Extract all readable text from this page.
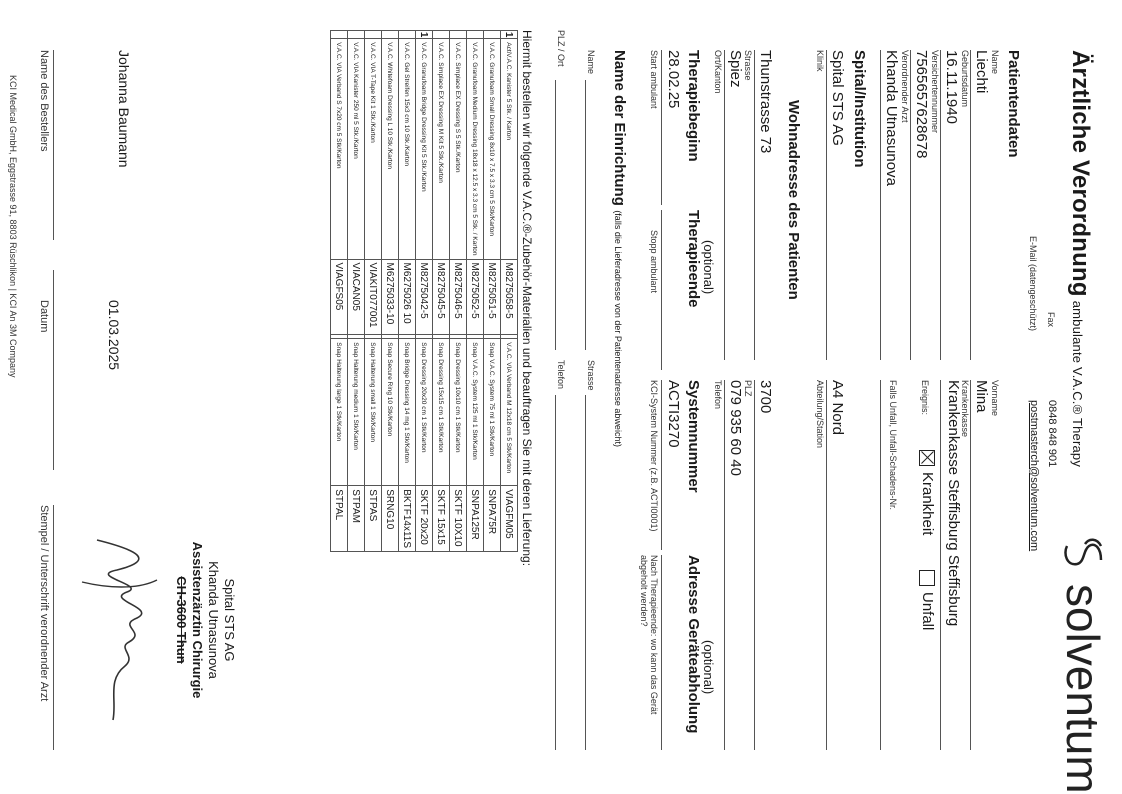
Ärztliche Verordnungambulante V.A.C.® Therapy
solventum
Fax
0848 848 901
E-Mail (datengeschützt)
postmasterch@solventum.com
Patientendaten
Name
Liechti
Vorname
Mina
Geburtsdatum
16.11.1940
Krankenkasse
Krankenkasse Steffisburg Steffisburg
Versichertennummer
7565657628678
Ereignis:
Krankheit
Unfall
Verordnender Arzt
Khanda Utnasunova
Falls Unfall, Unfall-Schadens-Nr.
Spital/Institution
Spital STS AG
Klinik
A4 Nord
Abteilung/Station
Wohnadresse des Patienten
Thunstrasse 73
Strasse
3700
PLZ
Spiez
Ort/Kanton
079 935 60 40
Telefon
Therapiebeginn
28.02.25
Start ambulant
(optional)
Therapieende
Stopp ambulant
Systemnummer
ACTI3270
KCI-System Nummer (z.B. ACTI0001)
(optional)
Adresse Geräteabholung
Nach Therapieende: wo kann das Gerät abgeholt werden?
Name der Einrichtung (falls die Lieferadresse von der Patientenadresse abweicht)
Name
Strasse
PLZ / Ort
Telefon
Hiermit bestellen wir folgende V.A.C.®-Zubehör-Materialien und beauftragen Sie mit deren Lieferung:
1	ActiV.A.C. Kanister 5 Stk. / Karton	M8275058-5		V.A.C. VIA Verband M 12x18 cm 5 Stk/Karton	VIAGFM05
	V.A.C. Granufoam Small Dressing 8x10 x 7.5 x 3.3 cm 5 Stk/Karton	M8275051-5		Snap V.A.C. System 75 ml 1 Stk/Karton	SNPA75R
	V.A.C. Granufoam Medium Dressing 18x18 x 12.5 x 3.3 cm 5 Stk. / Karton	M8275052-5		Snap V.A.C. System 125 ml 1 Stk/Karton	SNPA125R
	V.A.C. Simplace EX Dressing S 5 Stk./Karton	M8275046-5		Snap Dressing 10x10 cm 1 Stk/Karton	SKTF 10X10
	V.A.C. Simplace EX Dressing M Kit 5 Stk./Karton	M8275045-5		Snap Dressing 15x15 cm 1 Stk/Karton	SKTF 15x15
1	V.A.C. Granufoam Bridge Dressing Kit 5 Stk./Karton	M8275042-5		Snap Dressing 20x20 cm 1 Stk/Karton	SKTF 20x20
	V.A.C. Gel Streifen 15x3 cm 10 Stk./Karton	M6275026 10		Snap Bridge Dressing 14 mg 1 Stk/Karton	BKTF14x11S
	V.A.C. Whitefoam Dressing L 10 Stk./Karton	M6275033-10		Snap Secure Ring 10 Stk/Karton	SRNG10
	V.A.C. VIA T-Tape Kit 1 Stk./Karton	VIAKIT077001		Snap Halterung small 1 Stk/Karton	STPAS
	V.A.C. VIA Kanister 250 ml 5 Stk./Karton	VIACAN05		Snap Halterung medium 1 Stk/Karton	STPAM
	V.A.C. VIA Verband S 7x20 cm 5 Stk/Karton	VIAGFS05		Snap Halterung large 1 Stk/Karton	STPAL
Johanna Baumann
Name des Bestellers
01.03.2025
Datum
Spital STS AG
Khanda Utnasunova
Assistenzärztin Chirurgie
CH-3600 Thun
Stempel / Unterschrift verordnender Arzt
KCI Medical GmbH, Eggstrasse 91, 8803 Rüschlikon | KCI An 3M Company
